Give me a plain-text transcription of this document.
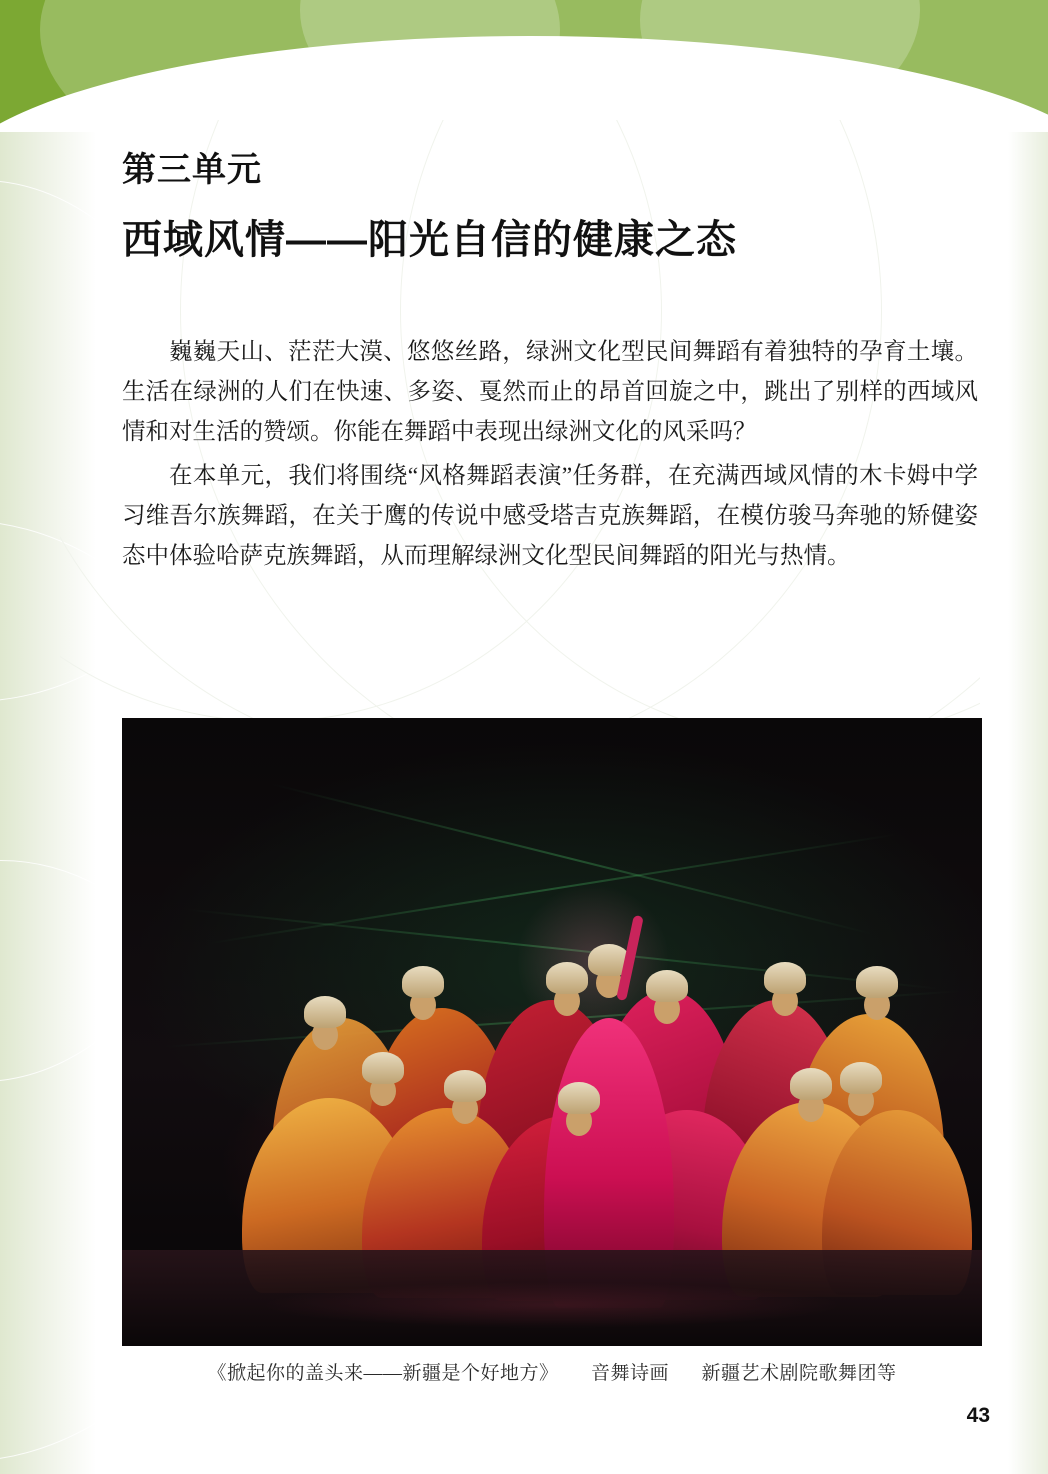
第三单元
西域风情——阳光自信的健康之态

巍巍天山、茫茫大漠、悠悠丝路，绿洲文化型民间舞蹈有着独特的孕育土壤。生活在绿洲的人们在快速、多姿、戛然而止的昂首回旋之中，跳出了别样的西域风情和对生活的赞颂。你能在舞蹈中表现出绿洲文化的风采吗？

在本单元，我们将围绕“风格舞蹈表演”任务群，在充满西域风情的木卡姆中学习维吾尔族舞蹈，在关于鹰的传说中感受塔吉克族舞蹈，在模仿骏马奔驰的矫健姿态中体验哈萨克族舞蹈，从而理解绿洲文化型民间舞蹈的阳光与热情。

《掀起你的盖头来——新疆是个好地方》 音舞诗画 新疆艺术剧院歌舞团等
43
